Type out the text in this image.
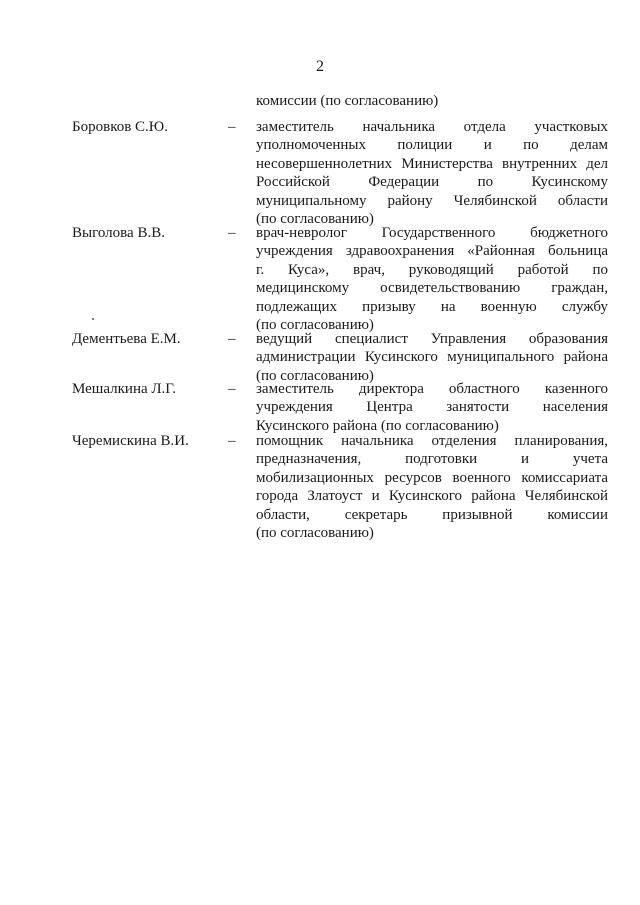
2
комиссии (по согласованию)
Боровков С.Ю.	– заместитель начальника отдела участковых
уполномоченных полиции и по делам
несовершеннолетних Министерства внутренних дел
Российской Федерации по Кусинскому
муниципальному району Челябинской области
(по согласованию)
Выголова В.В.	– врач-невролог Государственного бюджетного
учреждения здравоохранения «Районная больница
г. Куса», врач, руководящий работой по
медицинскому освидетельствованию граждан,
подлежащих призыву на военную службу
(по согласованию)
Дементьева Е.М.	– ведущий специалист Управления образования
администрации Кусинского муниципального района
(по согласованию)
Мешалкина Л.Г.	– заместитель директора областного казенного
учреждения Центра занятости населения
Кусинского района (по согласованию)
Черемискина В.И.	– помощник начальника отделения планирования,
предназначения, подготовки и учета
мобилизационных ресурсов военного комиссариата
города Златоуст и Кусинского района Челябинской
области, секретарь призывной комиссии
(по согласованию)
